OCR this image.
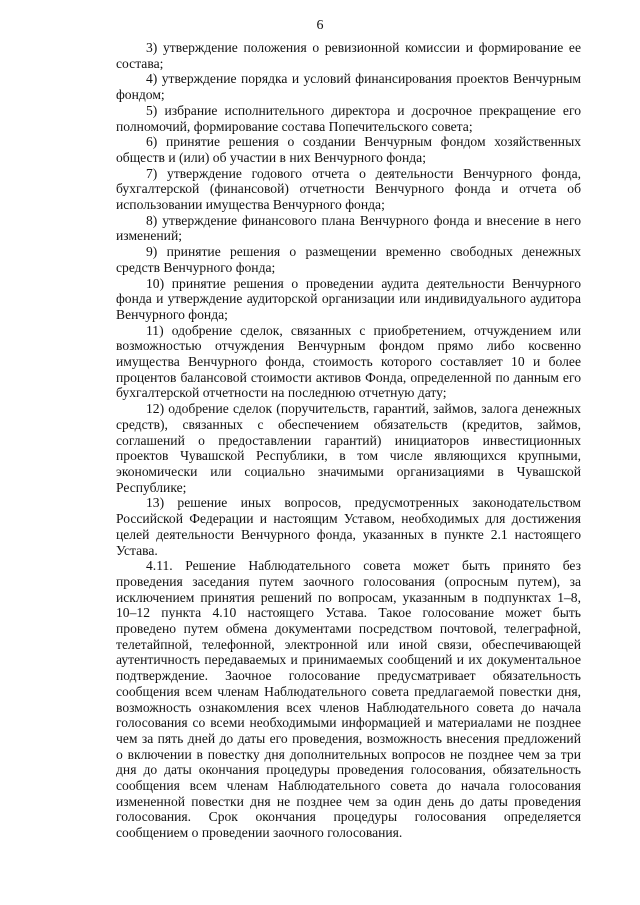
6

3) утверждение положения о ревизионной комиссии и формирование ее состава;

4) утверждение порядка и условий финансирования проектов Венчурным фондом;

5) избрание исполнительного директора и досрочное прекращение его полномочий, формирование состава Попечительского совета;

6) принятие решения о создании Венчурным фондом хозяйственных обществ и (или) об участии в них Венчурного фонда;

7) утверждение годового отчета о деятельности Венчурного фонда, бухгалтерской (финансовой) отчетности Венчурного фонда и отчета об использовании имущества Венчурного фонда;

8) утверждение финансового плана Венчурного фонда и внесение в него изменений;

9) принятие решения о размещении временно свободных денежных средств Венчурного фонда;

10) принятие решения о проведении аудита деятельности Венчурного фонда и утверждение аудиторской организации или индивидуального аудитора Венчурного фонда;

11) одобрение сделок, связанных с приобретением, отчуждением или возможностью отчуждения Венчурным фондом прямо либо косвенно имущества Венчурного фонда, стоимость которого составляет 10 и более процентов балансовой стоимости активов Фонда, определенной по данным его бухгалтерской отчетности на последнюю отчетную дату;

12) одобрение сделок (поручительств, гарантий, займов, залога денежных средств), связанных с обеспечением обязательств (кредитов, займов, соглашений о предоставлении гарантий) инициаторов инвестиционных проектов Чувашской Республики, в том числе являющихся крупными, экономически или социально значимыми организациями в Чувашской Республике;

13) решение иных вопросов, предусмотренных законодательством Российской Федерации и настоящим Уставом, необходимых для достижения целей деятельности Венчурного фонда, указанных в пункте 2.1 настоящего Устава.

4.11. Решение Наблюдательного совета может быть принято без проведения заседания путем заочного голосования (опросным путем), за исключением принятия решений по вопросам, указанным в подпунктах 1–8, 10–12 пункта 4.10 настоящего Устава. Такое голосование может быть проведено путем обмена документами посредством почтовой, телеграфной, телетайпной, телефонной, электронной или иной связи, обеспечивающей аутентичность передаваемых и принимаемых сообщений и их документальное подтверждение. Заочное голосование предусматривает обязательность сообщения всем членам Наблюдательного совета предлагаемой повестки дня, возможность ознакомления всех членов Наблюдательного совета до начала голосования со всеми необходимыми информацией и материалами не позднее чем за пять дней до даты его проведения, возможность внесения предложений о включении в повестку дня дополнительных вопросов не позднее чем за три дня до даты окончания процедуры проведения голосования, обязательность сообщения всем членам Наблюдательного совета до начала голосования измененной повестки дня не позднее чем за один день до даты проведения голосования. Срок окончания процедуры голосования определяется сообщением о проведении заочного голосования.
